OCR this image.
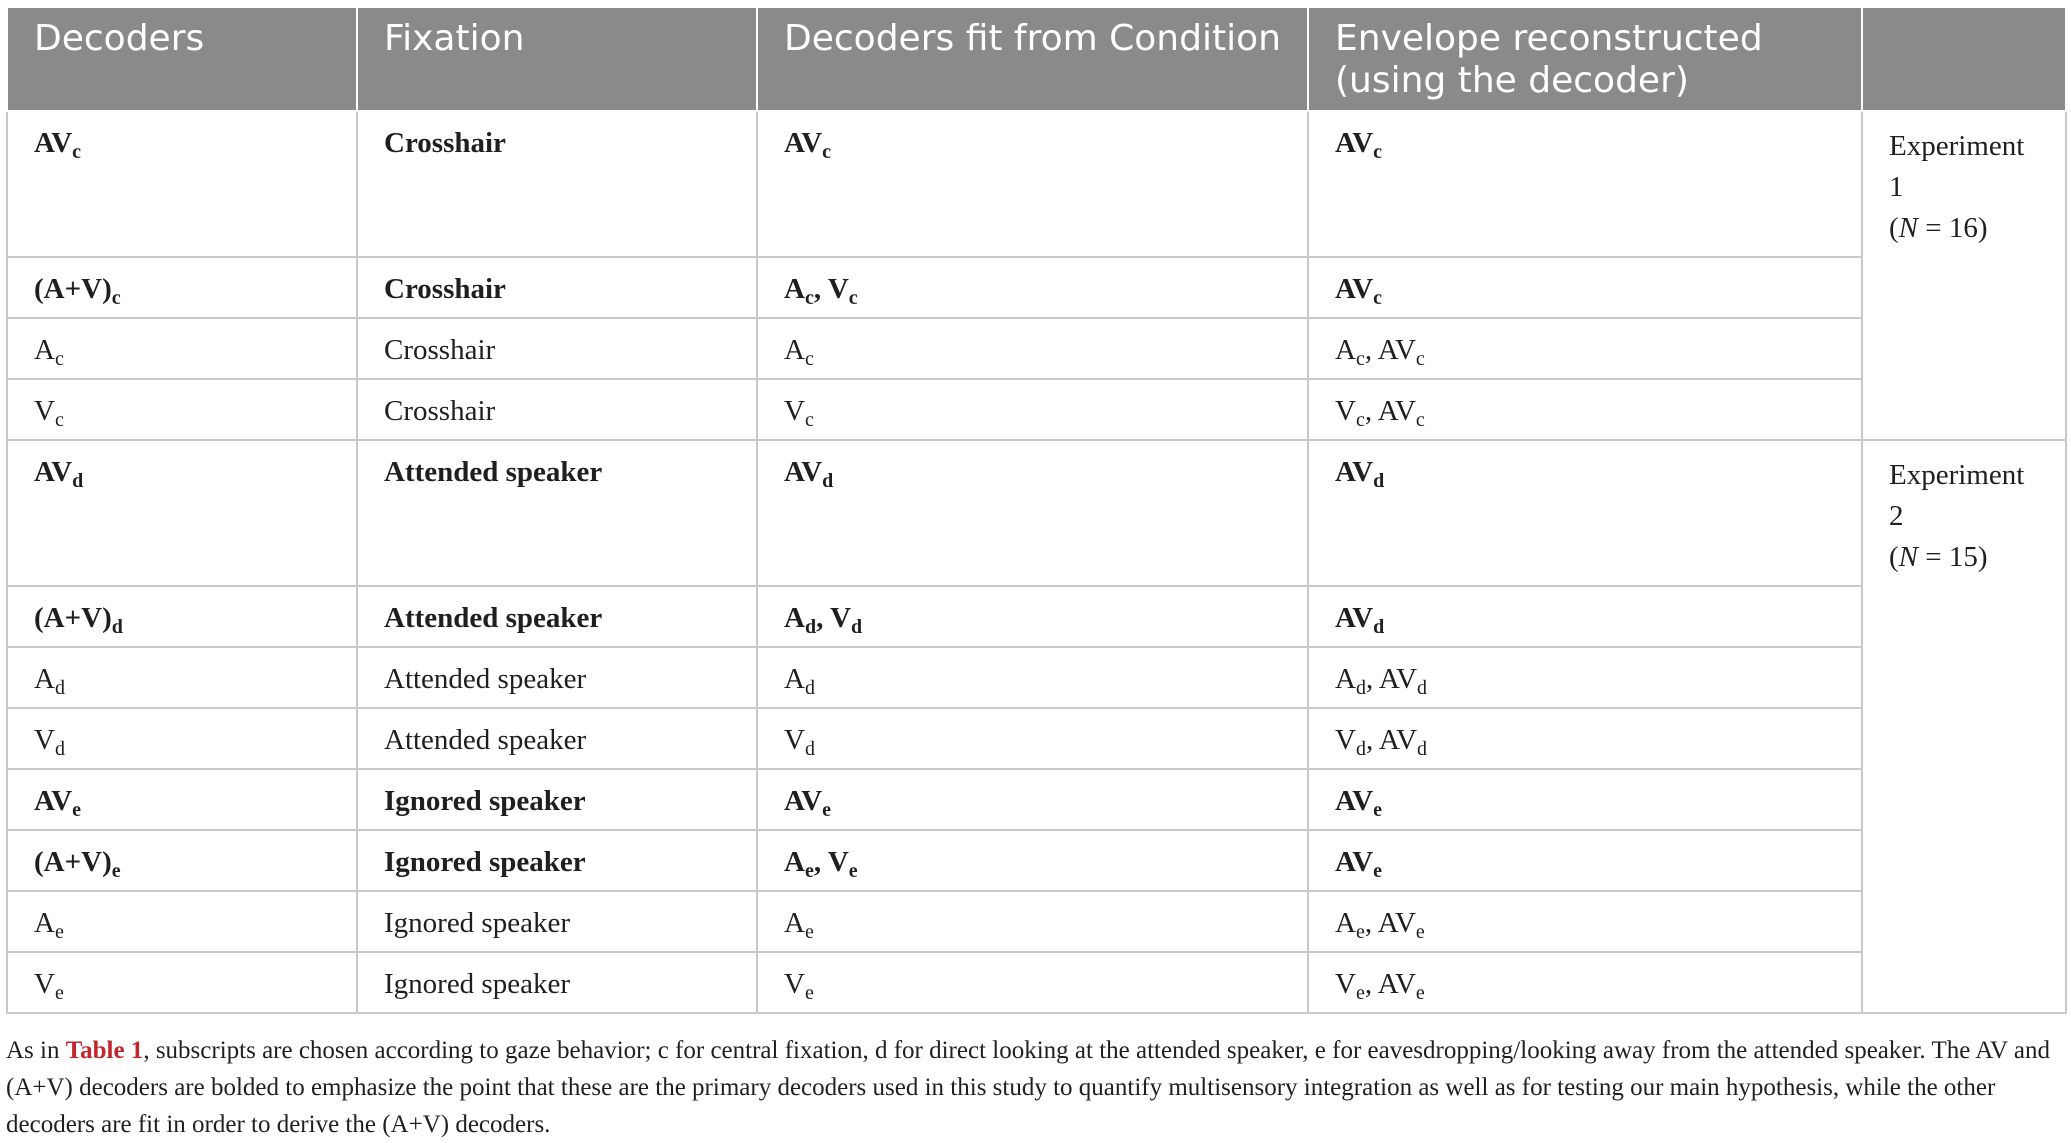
Decoders	Fixation	Decoders fit from Condition	Envelope reconstructed (using the decoder)	
$AV_c$	Crosshair	$AV_c$	$AV_c$	Experiment
1
(N = 16)

$(A+V)_c$	Crosshair	$A_c$, $V_c$	$AV_c$
$A_c$	Crosshair	$A_c$	$A_c$, $AV_c$
$V_c$	Crosshair	$V_c$	$V_c$, $AV_c$
$AV_d$	Attended speaker	$AV_d$	$AV_d$	Experiment
2
(N = 15)

$(A+V)_d$	Attended speaker	$A_d$, $V_d$	$AV_d$
$A_d$	Attended speaker	$A_d$	$A_d$, $AV_d$
$V_d$	Attended speaker	$V_d$	$V_d$, $AV_d$
$AV_e$	Ignored speaker	$AV_e$	$AV_e$
$(A+V)_e$	Ignored speaker	$A_e$, $V_e$	$AV_e$
$A_e$	Ignored speaker	$A_e$	$A_e$, $AV_e$
$V_e$	Ignored speaker	$V_e$	$V_e$, $AV_e$
As in Table 1, subscripts are chosen according to gaze behavior; c for central fixation, d for direct looking at the attended speaker, e for eavesdropping/looking away from the attended speaker. The AV and (A+V) decoders are bolded to emphasize the point that these are the primary decoders used in this study to quantify multisensory integration as well as for testing our main hypothesis, while the other decoders are fit in order to derive the (A+V) decoders.
